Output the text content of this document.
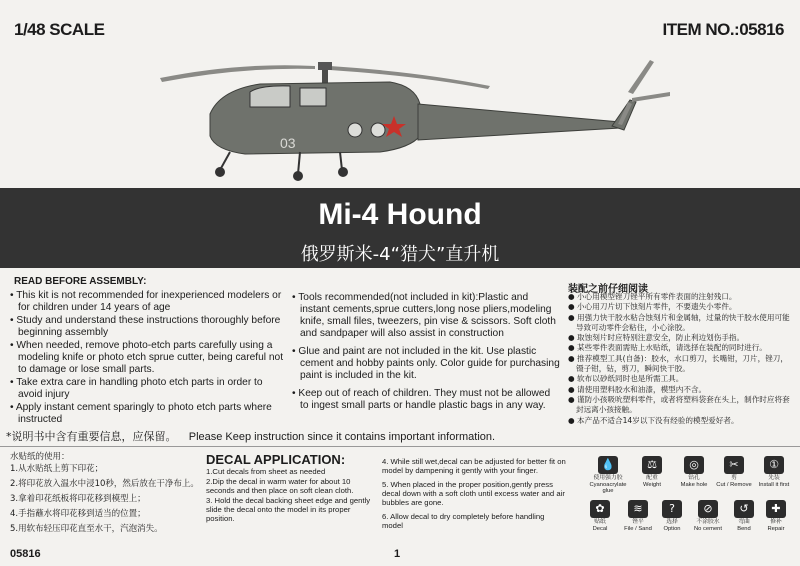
1/48 SCALE	ITEM NO.:05816
03
Mi-4 Hound
俄罗斯米-4“猎犬”直升机
READ BEFORE ASSEMBLY:
• This kit is not recommended for inexperienced modelers or for children under 14 years of age
• Study and understand these instructions thoroughly before beginning assembly
• When needed, remove photo-etch parts carefully using a modeling knife or photo etch sprue cutter, being careful not to damage or lose small parts.
• Take extra care in handling photo etch parts in order to avoid injury
• Apply instant cement sparingly to photo etch parts where instructed
• Tools recommended(not included in kit):Plastic and instant cements,sprue cutters,long nose pliers,modeling knife, small files, tweezers, pin vise & scissors. Soft cloth and sandpaper will also assist in construction
• Glue and paint are not included in the kit. Use plastic cement and hobby paints only. Color guide for purchasing paint is included in the kit.
• Keep out of reach of children. They must not be allowed to ingest small parts or handle plastic bags in any way.
装配之前仔细阅读
● 小心用模型锉刀锉平所有零件表面的注射残口。
● 小心用刀片切下蚀刻片零件，不要遗失小零件。
● 用强力快干胶水粘合蚀刻片和金属轴，过量的快干胶水使用可能导致可动零件会粘住，小心涂胶。
● 取蚀刻片时应特别注意安全，防止利边划伤手指。
● 某些零件表面需贴上水贴纸，请选择在装配的同时进行。
● 推荐模型工具(自备)：胶水，水口剪刀，长嘴钳，刀片，锉刀，镊子钳，钻，剪刀，瞬间快干胶。
● 软布以砂纸同时也是所需工具。
● 请使用塑料胶水和油漆，模型内不含。
● 谨防小孩吸吮塑料零件，或者将塑料袋套在头上，制作时应将套封远离小孩接触。
● 本产品不适合14岁以下没有经验的模型爱好者。
*说明书中含有重要信息，应保留。 Please Keep instruction since it contains important information.
水贴纸的使用：
1.从水贴纸上剪下印花；
2.将印花放入温水中浸10秒，然后放在干净布上。
3.拿着印花纸板将印花移到模型上；
4.手指蘸水将印花移到适当的位置；
5.用软布轻压印花直至水干，汽泡消失。
DECAL APPLICATION:
1.Cut decals from sheet as needed
2.Dip the decal in warm water for about 10 seconds and then place on soft clean cloth.
3. Hold the decal backing sheet edge and gently slide the decal onto the model in its proper position.
4. While still wet,decal can be adjusted for better fit on model by dampening it gently with your finger.
5. When placed in the proper position,gently press decal down with a soft cloth until excess water and air bubbles are gone.
6. Allow decal to dry completely before handling model
💧
使用强力胶
Cyanoacrylate glue
⚖
配重
Weight
◎
钻孔
Make hole
✂
剪
Cut / Remove
①
先装
Install it first
✿
贴纸
Decal
≋
锉平
File / Sand
?
选择
Option
⊘
不涂胶水
No cement
↺
弯曲
Bend
✚
修补
Repair
05816	1
